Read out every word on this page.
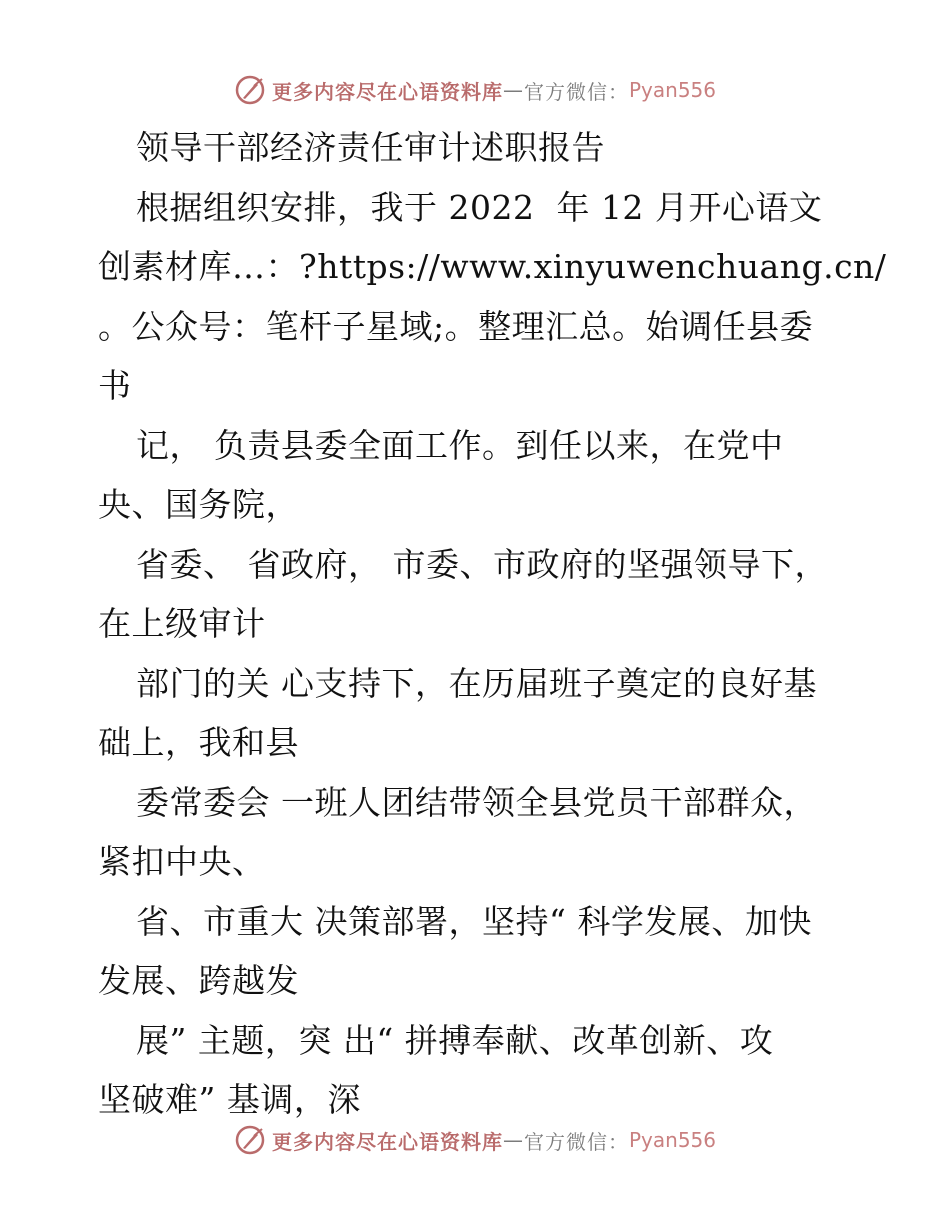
更多内容尽在心语资料库 — 官方微信： Pyan556
领导干部经济责任审计述职报告
根据组织安排，我于 2022  年 12 月开心语文
创素材库…：?https://www.xinyuwenchuang.cn/
。公众号：笔杆子星域;。整理汇总。始调任县委
书
记， 负责县委全面工作。到任以来，在党中
央、国务院，
省委、 省政府， 市委、市政府的坚强领导下，
在上级审计
部门的关 心支持下，在历届班子奠定的良好基
础上，我和县
委常委会 一班人团结带领全县党员干部群众，
紧扣中央、
省、市重大 决策部署，坚持“ 科学发展、加快
发展、跨越发
展” 主题，突 出“ 拼搏奉献、改革创新、攻
坚破难” 基调，深
更多内容尽在心语资料库 — 官方微信： Pyan556
